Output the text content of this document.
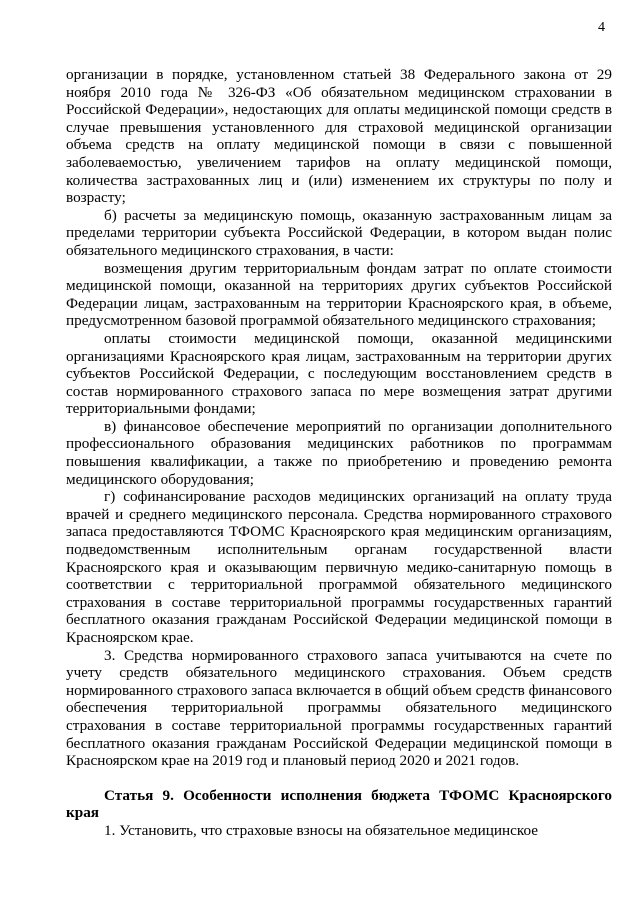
4

организации в порядке, установленном статьей 38 Федерального закона от 29 ноября 2010 года № 326-ФЗ «Об обязательном медицинском страховании в Российской Федерации», недостающих для оплаты медицинской помощи средств в случае превышения установленного для страховой медицинской организации объема средств на оплату медицинской помощи в связи с повышенной заболеваемостью, увеличением тарифов на оплату медицинской помощи, количества застрахованных лиц и (или) изменением их структуры по полу и возрасту;

б) расчеты за медицинскую помощь, оказанную застрахованным лицам за пределами территории субъекта Российской Федерации, в котором выдан полис обязательного медицинского страхования, в части:

возмещения другим территориальным фондам затрат по оплате стоимости медицинской помощи, оказанной на территориях других субъектов Российской Федерации лицам, застрахованным на территории Красноярского края, в объеме, предусмотренном базовой программой обязательного медицинского страхования;

оплаты стоимости медицинской помощи, оказанной медицинскими организациями Красноярского края лицам, застрахованным на территории других субъектов Российской Федерации, с последующим восстановлением средств в состав нормированного страхового запаса по мере возмещения затрат другими территориальными фондами;

в) финансовое обеспечение мероприятий по организации дополнительного профессионального образования медицинских работников по программам повышения квалификации, а также по приобретению и проведению ремонта медицинского оборудования;

г) софинансирование расходов медицинских организаций на оплату труда врачей и среднего медицинского персонала. Средства нормированного страхового запаса предоставляются ТФОМС Красноярского края медицинским организациям, подведомственным исполнительным органам государственной власти Красноярского края и оказывающим первичную медико-санитарную помощь в соответствии с территориальной программой обязательного медицинского страхования в составе территориальной программы государственных гарантий бесплатного оказания гражданам Российской Федерации медицинской помощи в Красноярском крае.

3. Средства нормированного страхового запаса учитываются на счете по учету средств обязательного медицинского страхования. Объем средств нормированного страхового запаса включается в общий объем средств финансового обеспечения территориальной программы обязательного медицинского страхования в составе территориальной программы государственных гарантий бесплатного оказания гражданам Российской Федерации медицинской помощи в Красноярском крае на 2019 год и плановый период 2020 и 2021 годов.

Статья 9. Особенности исполнения бюджета ТФОМС Красноярского края

1. Установить, что страховые взносы на обязательное медицинское
